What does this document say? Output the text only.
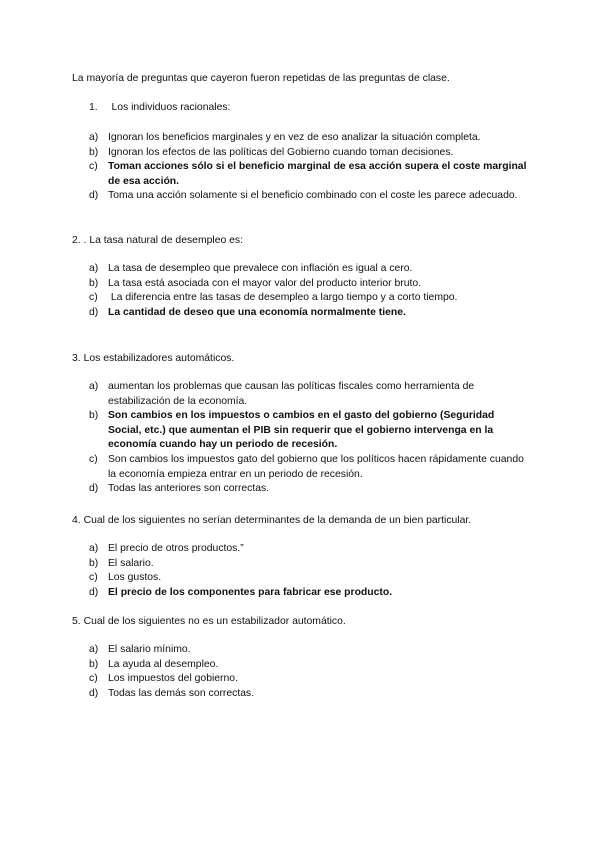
La mayoría de preguntas que cayeron fueron repetidas de las preguntas de clase.
1. Los individuos racionales:
a) Ignoran los beneficios marginales y en vez de eso analizar la situación completa.
b) Ignoran los efectos de las políticas del Gobierno cuando toman decisiones.
c) Toman acciones sólo si el beneficio marginal de esa acción supera el coste marginal de esa acción.
d) Toma una acción solamente si el beneficio combinado con el coste les parece adecuado.
2. . La tasa natural de desempleo es:
a) La tasa de desempleo que prevalece con inflación es igual a cero.
b) La tasa está asociada con el mayor valor del producto interior bruto.
c) La diferencia entre las tasas de desempleo a largo tiempo y a corto tiempo.
d) La cantidad de deseo que una economía normalmente tiene.
3. Los estabilizadores automáticos.
a) aumentan los problemas que causan las políticas fiscales como herramienta de estabilización de la economía.
b) Son cambios en los impuestos o cambios en el gasto del gobierno (Seguridad Social, etc.) que aumentan el PIB sin requerir que el gobierno intervenga en la economía cuando hay un periodo de recesión.
c) Son cambios los impuestos gato del gobierno que los políticos hacen rápidamente cuando la economía empieza entrar en un periodo de recesión.
d) Todas las anteriores son correctas.
4. Cual de los siguientes no serían determinantes de la demanda de un bien particular.
a) El precio de otros productos.”
b) El salario.
c) Los gustos.
d) El precio de los componentes para fabricar ese producto.
5. Cual de los siguientes no es un estabilizador automático.
a) El salario mínimo.
b) La ayuda al desempleo.
c) Los impuestos del gobierno.
d) Todas las demás son correctas.
